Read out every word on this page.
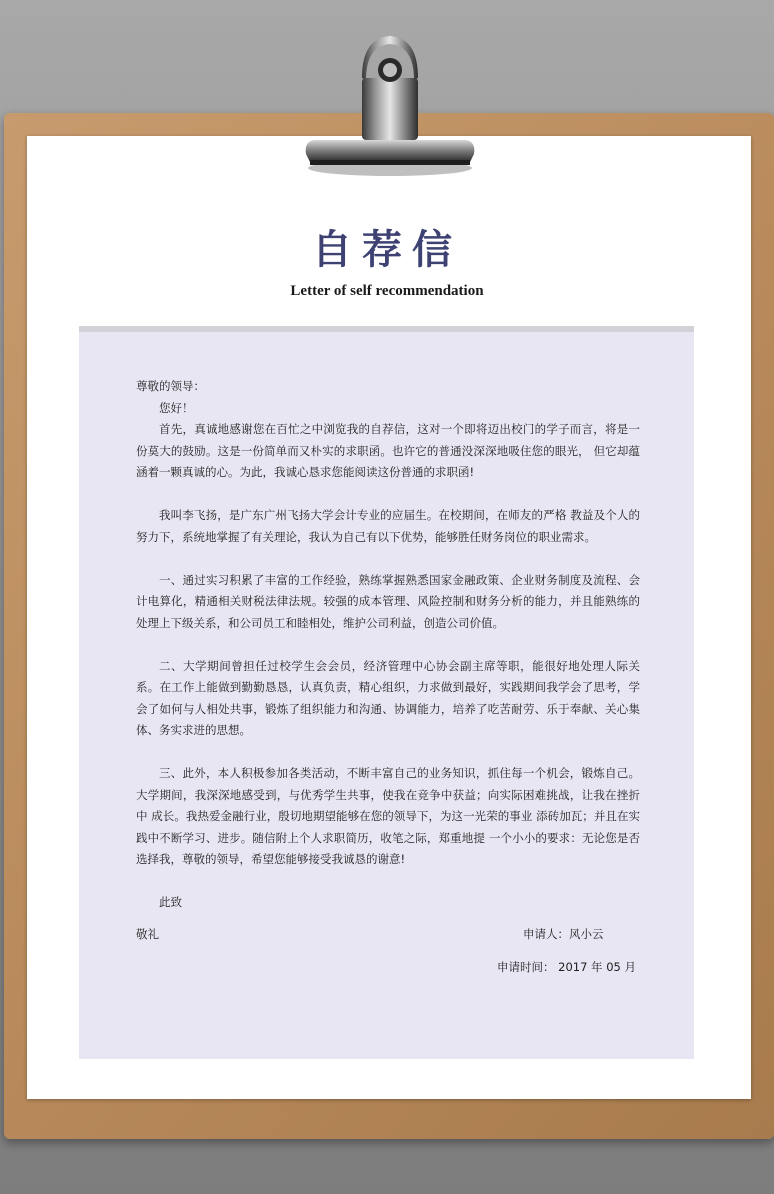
自荐信
Letter of self recommendation

尊敬的领导：

您好！

首先，真诚地感谢您在百忙之中浏览我的自荐信，这对一个即将迈出校门的学子而言，将是一份莫大的鼓励。这是一份简单而又朴实的求职函。也许它的普通没深深地吸住您的眼光， 但它却蕴涵着一颗真诚的心。为此，我诚心恳求您能阅读这份普通的求职函!

我叫李飞扬，是广东广州飞扬大学会计专业的应届生。在校期间，在师友的严格 教益及个人的努力下，系统地掌握了有关理论，我认为自己有以下优势，能够胜任财务岗位的职业需求。

一、通过实习积累了丰富的工作经验，熟练掌握熟悉国家金融政策、企业财务制度及流程、会计电算化，精通相关财税法律法规。较强的成本管理、风险控制和财务分析的能力，并且能熟练的处理上下级关系，和公司员工和睦相处，维护公司利益，创造公司价值。

二、大学期间曾担任过校学生会会员，经济管理中心协会副主席等职，能很好地处理人际关系。在工作上能做到勤勤恳恳，认真负责，精心组织，力求做到最好，实践期间我学会了思考，学会了如何与人相处共事，锻炼了组织能力和沟通、协调能力，培养了吃苦耐劳、乐于奉献、关心集体、务实求进的思想。

三、此外，本人积极参加各类活动，不断丰富自己的业务知识，抓住每一个机会，锻炼自己。大学期间，我深深地感受到，与优秀学生共事，使我在竞争中获益；向实际困难挑战，让我在挫折中 成长。我热爱金融行业，殷切地期望能够在您的领导下，为这一光荣的事业 添砖加瓦；并且在实践中不断学习、进步。随信附上个人求职简历，收笔之际，郑重地提 一个小小的要求：无论您是否选择我，尊敬的领导，希望您能够接受我诚恳的谢意!

此致

敬礼	申请人：风小云

申请时间： 2017 年 05 月
